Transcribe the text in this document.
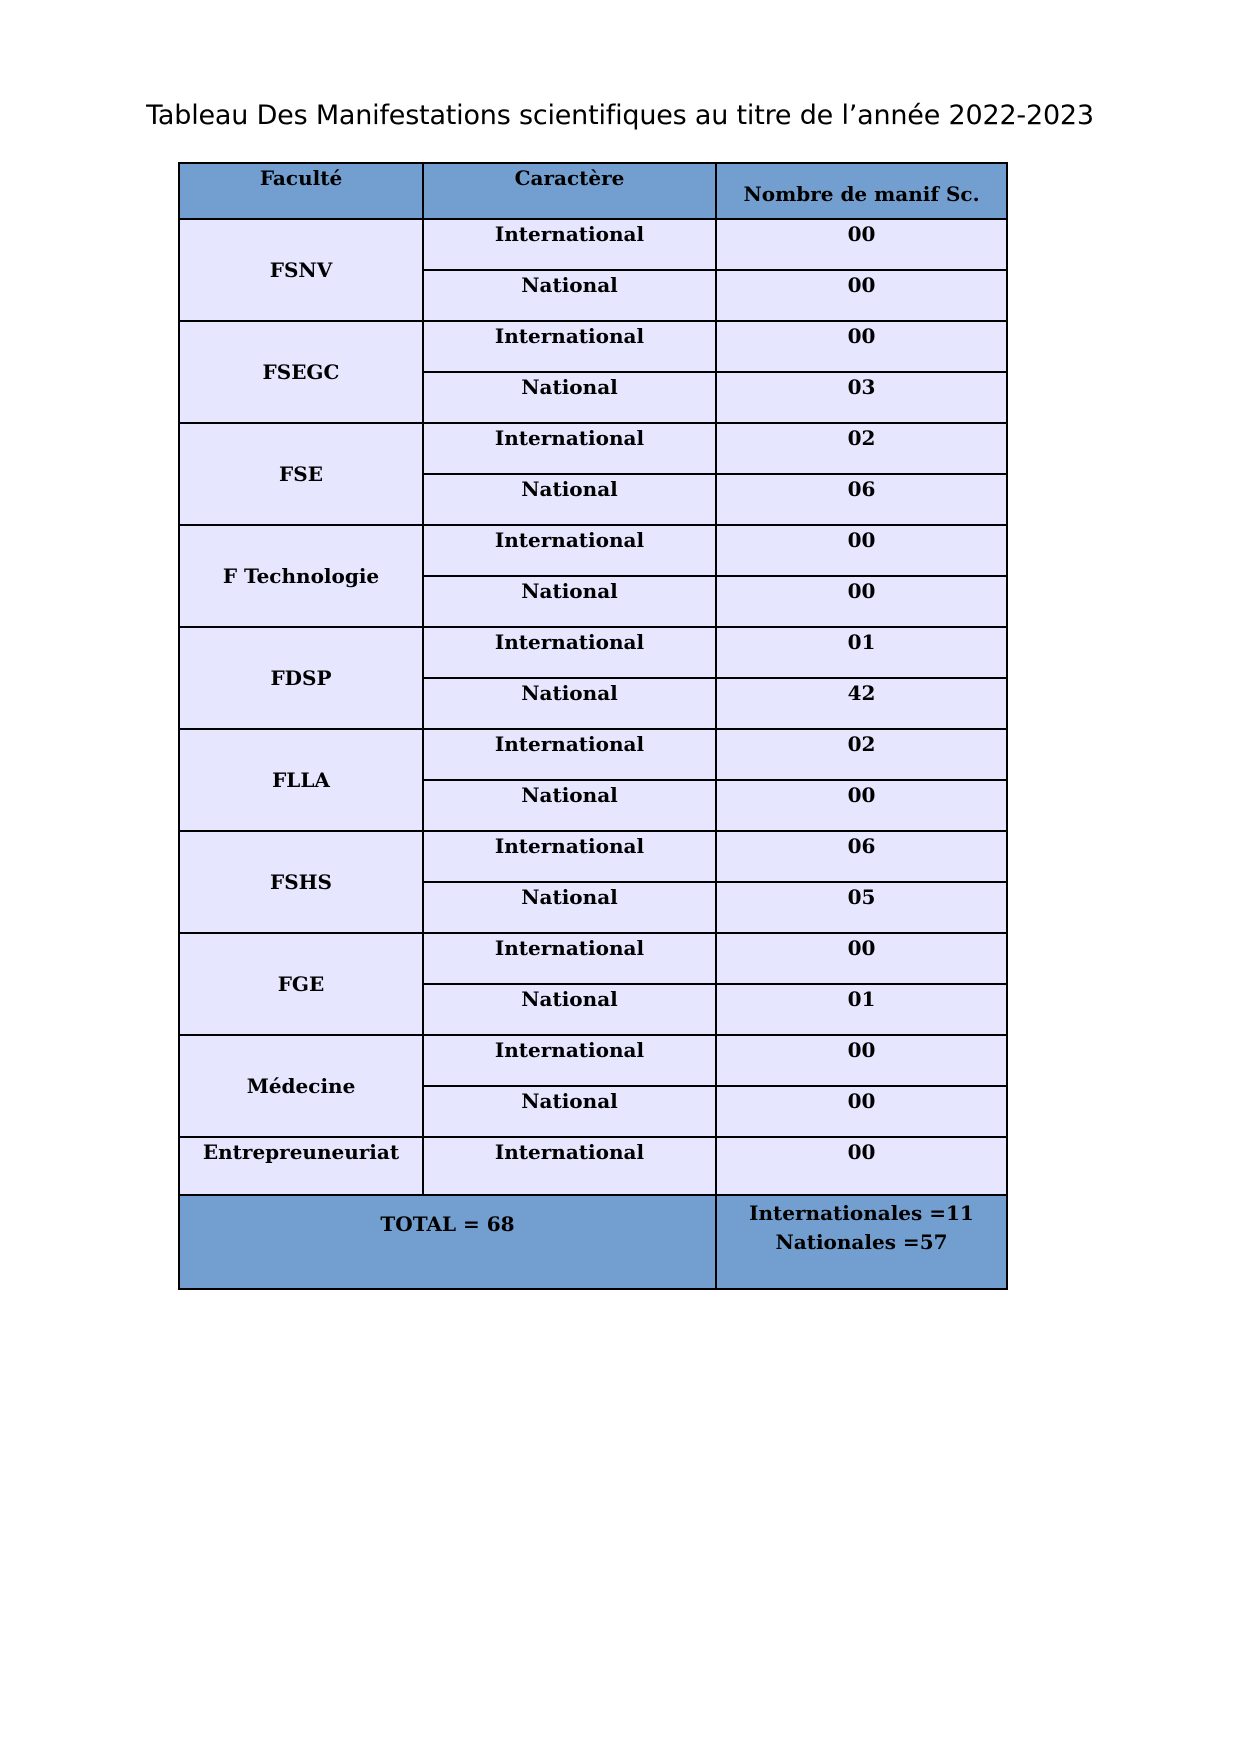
Tableau Des Manifestations scientifiques au titre de l’année 2022-2023
Faculté	Caractère	Nombre de manif Sc.
FSNV	International	00
	National	00
FSEGC	International	00
	National	03
FSE	International	02
	National	06
F Technologie	International	00
	National	00
FDSP	International	01
	National	42
FLLA	International	02
	National	00
FSHS	International	06
	National	05
FGE	International	00
	National	01
Médecine	International	00
	National	00
Entrepreuneuriat	International	00
TOTAL = 68		Internationales =11
Nationales =57
